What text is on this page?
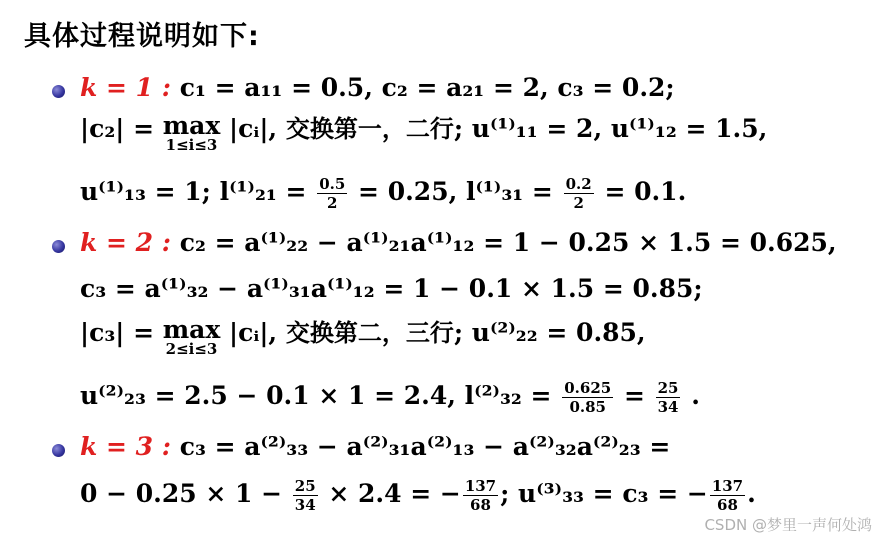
具体过程说明如下:
k = 1 : c₁ = a₁₁ = 0.5, c₂ = a₂₁ = 2, c₃ = 0.2;
|c₂| = max
1≤i≤3
|cᵢ|, 交换第一，二行; u⁽¹⁾₁₁ = 2, u⁽¹⁾₁₂ = 1.5,
u⁽¹⁾₁₃ = 1; $l^{(1)}_{21} = \frac{0.5}{2} = 0.25$, $l^{(1)}_{31} = \frac{0.2}{2} = 0.1$.
k = 2 : c₂ = a⁽¹⁾₂₂ − a⁽¹⁾₂₁a⁽¹⁾₁₂ = 1 − 0.25 × 1.5 = 0.625,
c₃ = a⁽¹⁾₃₂ − a⁽¹⁾₃₁a⁽¹⁾₁₂ = 1 − 0.1 × 1.5 = 0.85;
|c₃| = max
2≤i≤3
|cᵢ|, 交换第二，三行; u⁽²⁾₂₂ = 0.85,
u⁽²⁾₂₃ = 2.5 − 0.1 × 1 = 2.4, $l^{(2)}_{32} = \frac{0.625}{0.85} = \frac{25}{34}$ .
k = 3 : c₃ = a⁽²⁾₃₃ − a⁽²⁾₃₁a⁽²⁾₁₃ − a⁽²⁾₃₂a⁽²⁾₂₃ =
$0 - 0.25 \times 1 - \frac{25}{34} \times 2.4$ = − $\frac{137}{68}$ ; u⁽³⁾₃₃ = c₃ = − $\frac{137}{68}$ .
CSDN @梦里一声何处鸿
